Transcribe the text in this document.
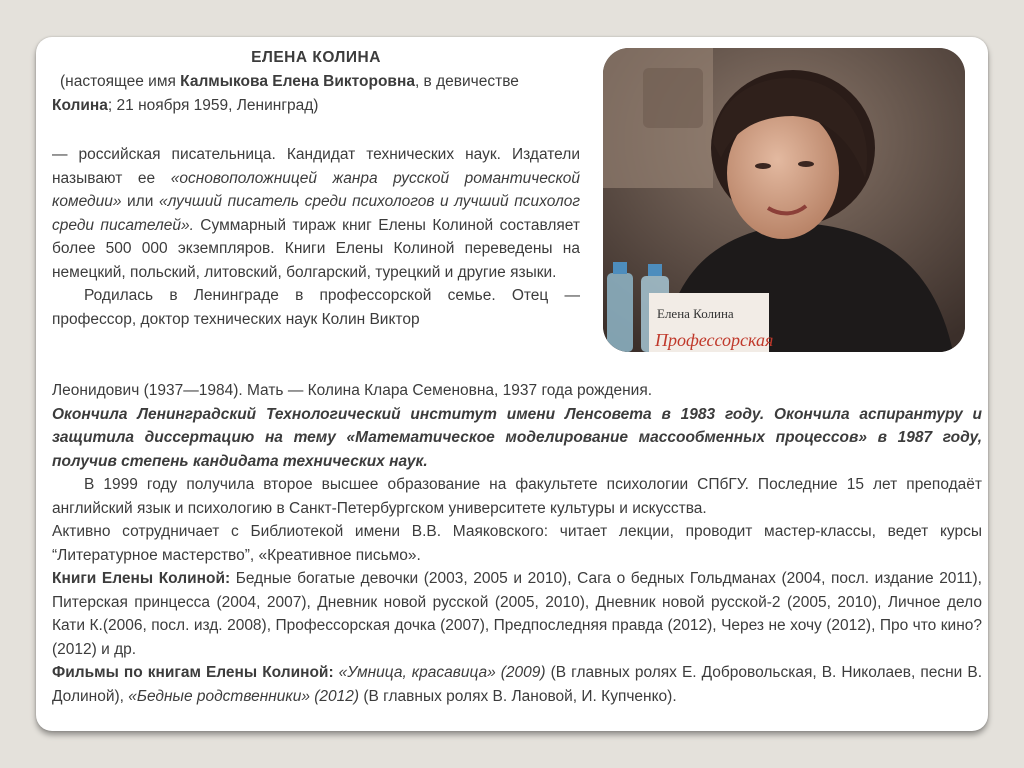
ЕЛЕНА КОЛИНА
(настоящее имя Калмыкова Елена Викторовна, в девичестве Колина; 21 ноября 1959, Ленинград)

— российская писательница. Кандидат технических наук. Издатели называют ее «основоположницей жанра русской романтической комедии» или «лучший писатель среди психологов и лучший психолог среди писателей». Суммарный тираж книг Елены Колиной составляет более 500 000 экземпляров. Книги Елены Колиной переведены на немецкий, польский, литовский, болгарский, турецкий и другие языки.

Родилась в Ленинграде в профессорской семье. Отец — профессор, доктор технических наук Колин Виктор	Елена Колина
Профессорская

Леонидович (1937—1984). Мать — Колина Клара Семеновна, 1937 года рождения.

Окончила Ленинградский Технологический институт имени Ленсовета в 1983 году. Окончила аспирантуру и защитила диссертацию на тему «Математическое моделирование массообменных процессов» в 1987 году, получив степень кандидата технических наук.

В 1999 году получила второе высшее образование на факультете психологии СПбГУ. Последние 15 лет преподаёт английский язык и психологию в Санкт-Петербургском университете культуры и искусства.

Активно сотрудничает с Библиотекой имени В.В. Маяковского: читает лекции, проводит мастер-классы, ведет курсы “Литературное мастерство”, «Креативное письмо».

Книги Елены Колиной: Бедные богатые девочки (2003, 2005 и 2010), Сага о бедных Гольдманах (2004, посл. издание 2011), Питерская принцесса (2004, 2007), Дневник новой русской (2005, 2010), Дневник новой русской-2 (2005, 2010), Личное дело Кати К.(2006, посл. изд. 2008), Профессорская дочка (2007), Предпоследняя правда (2012), Через не хочу (2012), Про что кино? (2012) и др.

Фильмы по книгам Елены Колиной: «Умница, красавица» (2009) (В главных ролях Е. Добровольская, В. Николаев, песни В. Долиной), «Бедные родственники» (2012) (В главных ролях В. Лановой, И. Купченко).
